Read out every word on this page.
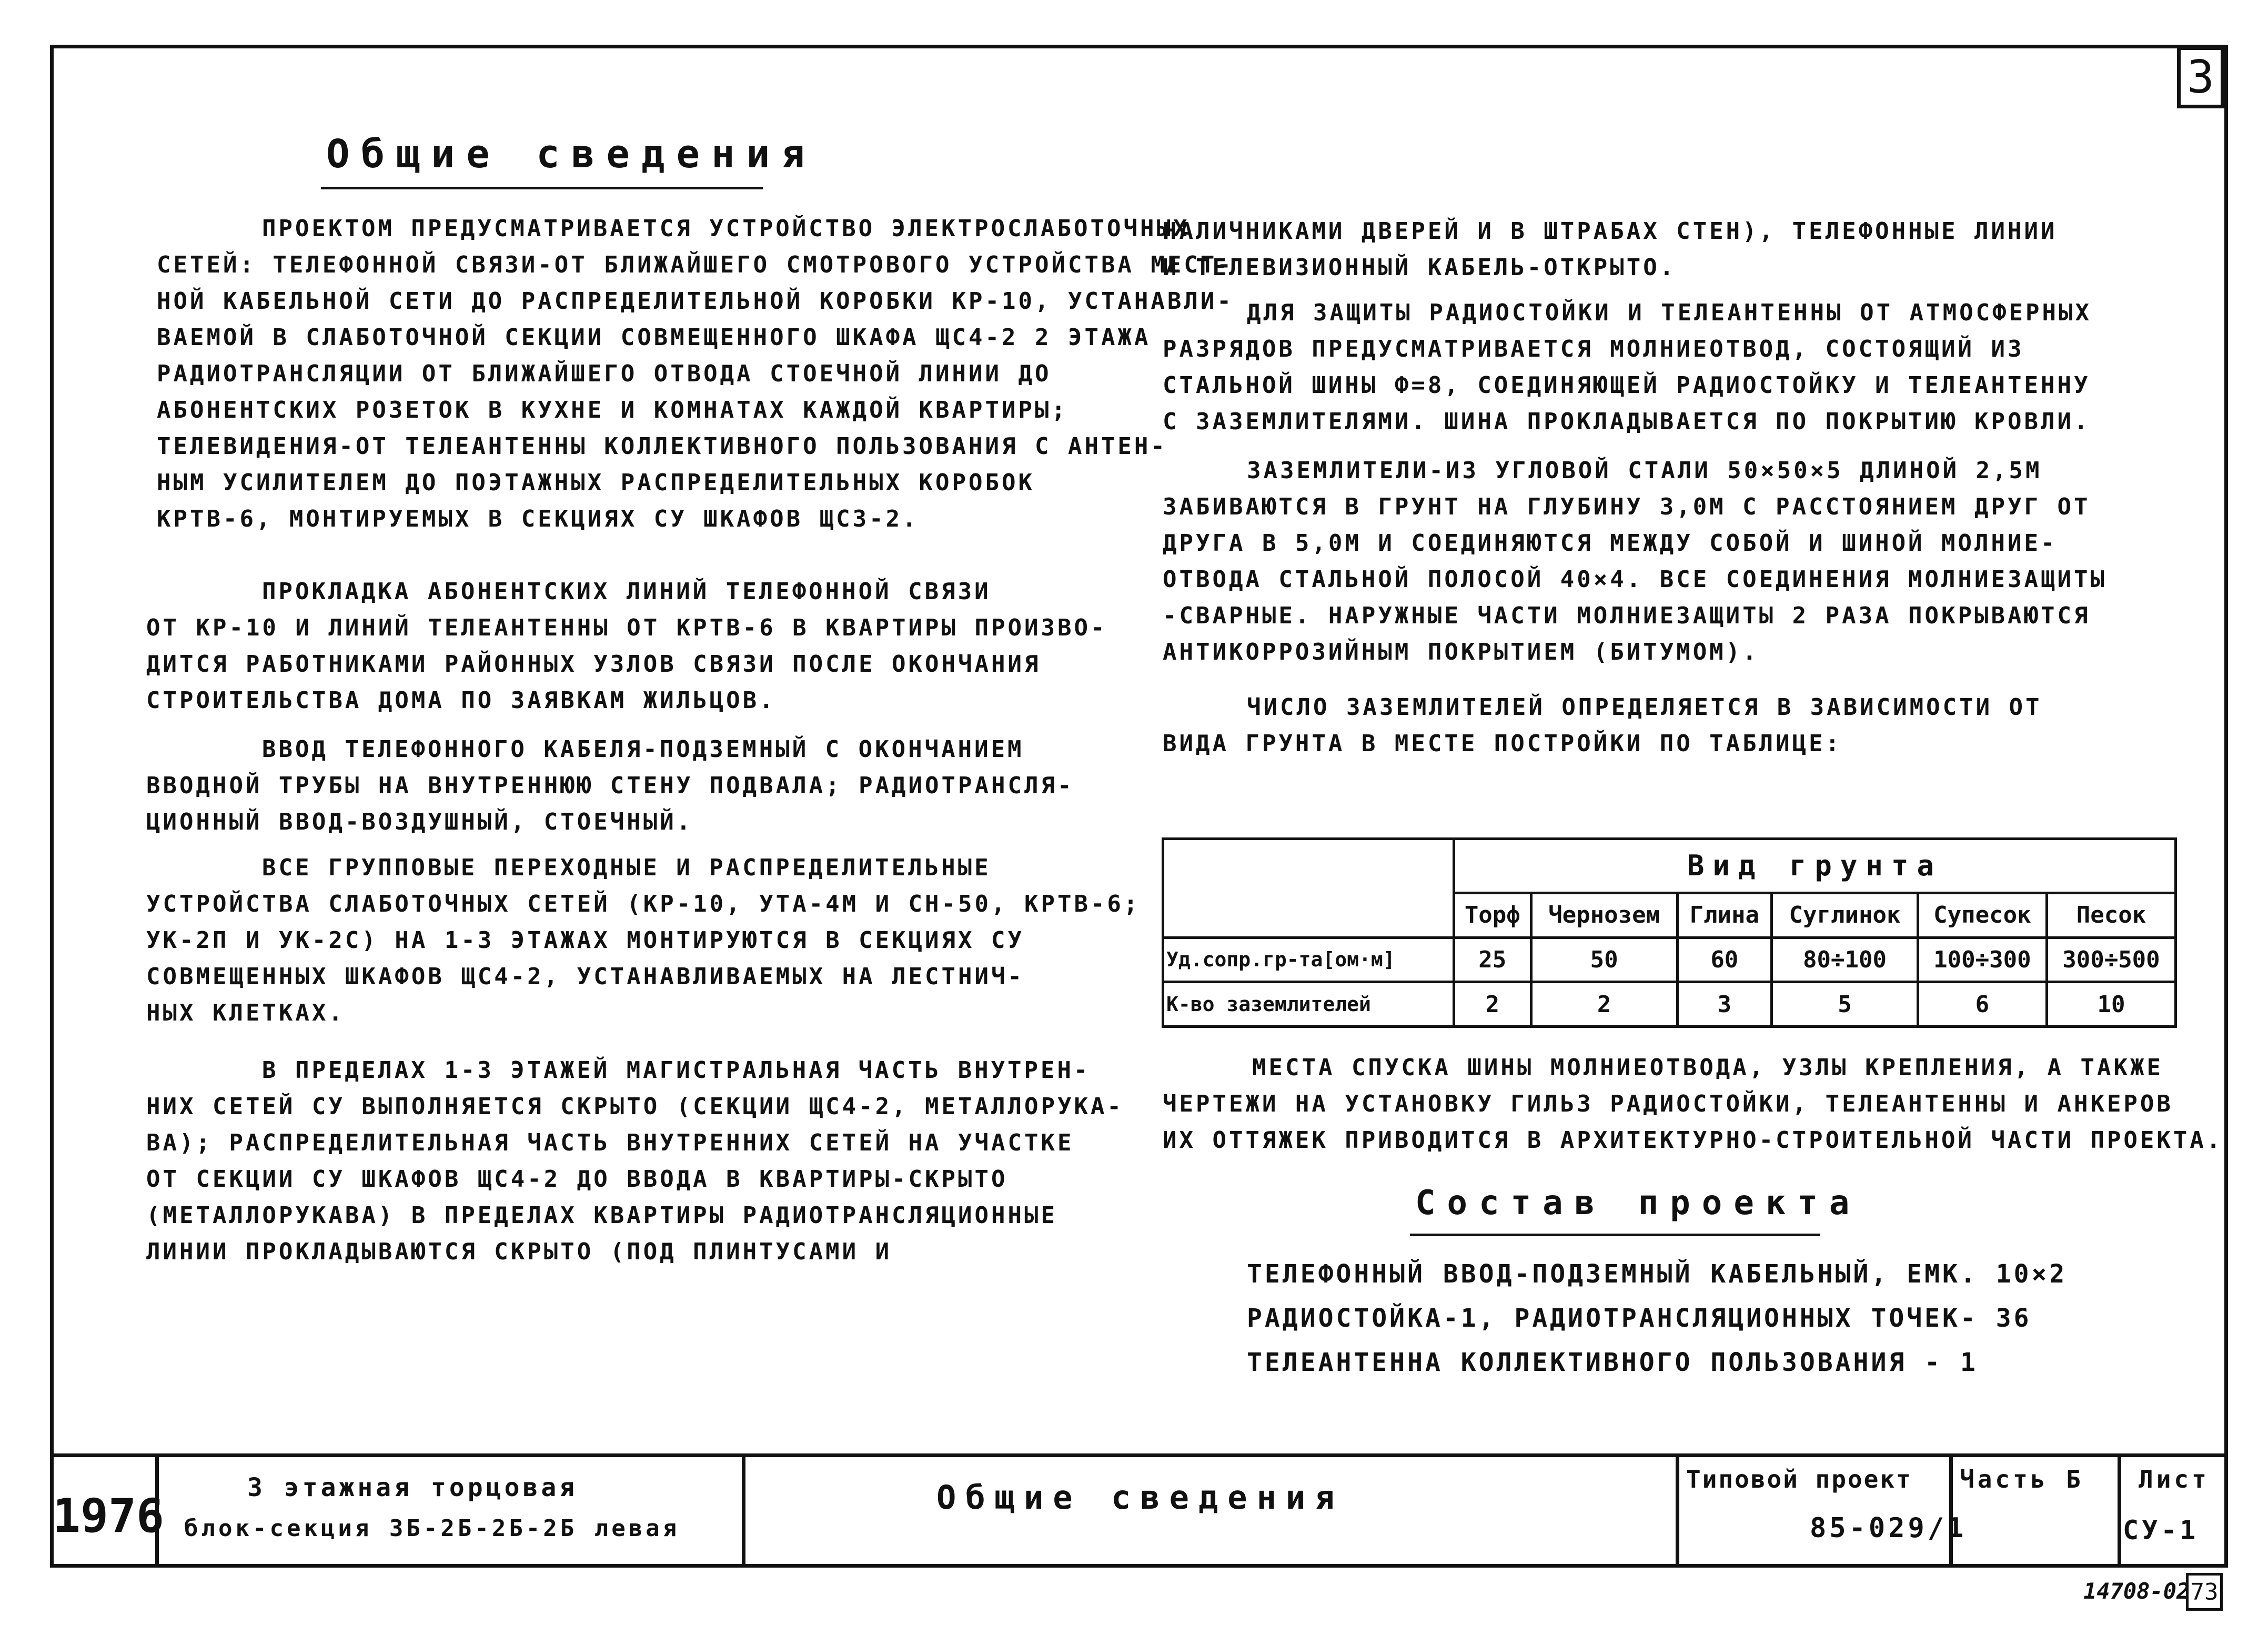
3
Общие сведения
ПРОЕКТОМ ПРЕДУСМАТРИВАЕТСЯ УСТРОЙСТВО ЭЛЕКТРОСЛАБОТОЧНЫХ
СЕТЕЙ: ТЕЛЕФОННОЙ СВЯЗИ-ОТ БЛИЖАЙШЕГО СМОТРОВОГО УСТРОЙСТВА МЕСТ-
НОЙ КАБЕЛЬНОЙ СЕТИ ДО РАСПРЕДЕЛИТЕЛЬНОЙ КОРОБКИ КР-10, УСТАНАВЛИ-
ВАЕМОЙ В СЛАБОТОЧНОЙ СЕКЦИИ СОВМЕЩЕННОГО ШКАФА ЩС4-2 2 ЭТАЖА
РАДИОТРАНСЛЯЦИИ ОТ БЛИЖАЙШЕГО ОТВОДА СТОЕЧНОЙ ЛИНИИ ДО
АБОНЕНТСКИХ РОЗЕТОК В КУХНЕ И КОМНАТАХ КАЖДОЙ КВАРТИРЫ;
ТЕЛЕВИДЕНИЯ-ОТ ТЕЛЕАНТЕННЫ КОЛЛЕКТИВНОГО ПОЛЬЗОВАНИЯ С АНТЕН-
НЫМ УСИЛИТЕЛЕМ ДО ПОЭТАЖНЫХ РАСПРЕДЕЛИТЕЛЬНЫХ КОРОБОК
КРТВ-6, МОНТИРУЕМЫХ В СЕКЦИЯХ СУ ШКАФОВ ЩС3-2.
ПРОКЛАДКА АБОНЕНТСКИХ ЛИНИЙ ТЕЛЕФОННОЙ СВЯЗИ
ОТ КР-10 И ЛИНИЙ ТЕЛЕАНТЕННЫ ОТ КРТВ-6 В КВАРТИРЫ ПРОИЗВО-
ДИТСЯ РАБОТНИКАМИ РАЙОННЫХ УЗЛОВ СВЯЗИ ПОСЛЕ ОКОНЧАНИЯ
СТРОИТЕЛЬСТВА ДОМА ПО ЗАЯВКАМ ЖИЛЬЦОВ.
ВВОД ТЕЛЕФОННОГО КАБЕЛЯ-ПОДЗЕМНЫЙ С ОКОНЧАНИЕМ
ВВОДНОЙ ТРУБЫ НА ВНУТРЕННЮЮ СТЕНУ ПОДВАЛА; РАДИОТРАНСЛЯ-
ЦИОННЫЙ ВВОД-ВОЗДУШНЫЙ, СТОЕЧНЫЙ.
ВСЕ ГРУППОВЫЕ ПЕРЕХОДНЫЕ И РАСПРЕДЕЛИТЕЛЬНЫЕ
УСТРОЙСТВА СЛАБОТОЧНЫХ СЕТЕЙ (КР-10, УТА-4М И СН-50, КРТВ-6;
УК-2П И УК-2С) НА 1-3 ЭТАЖАХ МОНТИРУЮТСЯ В СЕКЦИЯХ СУ
СОВМЕЩЕННЫХ ШКАФОВ ЩС4-2, УСТАНАВЛИВАЕМЫХ НА ЛЕСТНИЧ-
НЫХ КЛЕТКАХ.
В ПРЕДЕЛАХ 1-3 ЭТАЖЕЙ МАГИСТРАЛЬНАЯ ЧАСТЬ ВНУТРЕН-
НИХ СЕТЕЙ СУ ВЫПОЛНЯЕТСЯ СКРЫТО (СЕКЦИИ ЩС4-2, МЕТАЛЛОРУКА-
ВА); РАСПРЕДЕЛИТЕЛЬНАЯ ЧАСТЬ ВНУТРЕННИХ СЕТЕЙ НА УЧАСТКЕ
ОТ СЕКЦИИ СУ ШКАФОВ ЩС4-2 ДО ВВОДА В КВАРТИРЫ-СКРЫТО
(МЕТАЛЛОРУКАВА) В ПРЕДЕЛАХ КВАРТИРЫ РАДИОТРАНСЛЯЦИОННЫЕ
ЛИНИИ ПРОКЛАДЫВАЮТСЯ СКРЫТО (ПОД ПЛИНТУСАМИ И
НАЛИЧНИКАМИ ДВЕРЕЙ И В ШТРАБАХ СТЕН), ТЕЛЕФОННЫЕ ЛИНИИ
И ТЕЛЕВИЗИОННЫЙ КАБЕЛЬ-ОТКРЫТО.
ДЛЯ ЗАЩИТЫ РАДИОСТОЙКИ И ТЕЛЕАНТЕННЫ ОТ АТМОСФЕРНЫХ
РАЗРЯДОВ ПРЕДУСМАТРИВАЕТСЯ МОЛНИЕОТВОД, СОСТОЯЩИЙ ИЗ
СТАЛЬНОЙ ШИНЫ Ф=8, СОЕДИНЯЮЩЕЙ РАДИОСТОЙКУ И ТЕЛЕАНТЕННУ
С ЗАЗЕМЛИТЕЛЯМИ. ШИНА ПРОКЛАДЫВАЕТСЯ ПО ПОКРЫТИЮ КРОВЛИ.
ЗАЗЕМЛИТЕЛИ-ИЗ УГЛОВОЙ СТАЛИ 50×50×5 ДЛИНОЙ 2,5М
ЗАБИВАЮТСЯ В ГРУНТ НА ГЛУБИНУ 3,0М С РАССТОЯНИЕМ ДРУГ ОТ
ДРУГА В 5,0М И СОЕДИНЯЮТСЯ МЕЖДУ СОБОЙ И ШИНОЙ МОЛНИЕ-
ОТВОДА СТАЛЬНОЙ ПОЛОСОЙ 40×4. ВСЕ СОЕДИНЕНИЯ МОЛНИЕЗАЩИТЫ
-СВАРНЫЕ. НАРУЖНЫЕ ЧАСТИ МОЛНИЕЗАЩИТЫ 2 РАЗА ПОКРЫВАЮТСЯ
АНТИКОРРОЗИЙНЫМ ПОКРЫТИЕМ (БИТУМОМ).
ЧИСЛО ЗАЗЕМЛИТЕЛЕЙ ОПРЕДЕЛЯЕТСЯ В ЗАВИСИМОСТИ ОТ
ВИДА ГРУНТА В МЕСТЕ ПОСТРОЙКИ ПО ТАБЛИЦЕ:
	Вид грунта					
	Торф	Чернозем	Глина	Суглинок	Супесок	Песок
Уд.сопр.гр-та[ом·м]	25	50	60	80÷100	100÷300	300÷500
К-во заземлителей	2	2	3	5	6	10
МЕСТА СПУСКА ШИНЫ МОЛНИЕОТВОДА, УЗЛЫ КРЕПЛЕНИЯ, А ТАКЖЕ
ЧЕРТЕЖИ НА УСТАНОВКУ ГИЛЬЗ РАДИОСТОЙКИ, ТЕЛЕАНТЕННЫ И АНКЕРОВ
ИХ ОТТЯЖЕК ПРИВОДИТСЯ В АРХИТЕКТУРНО-СТРОИТЕЛЬНОЙ ЧАСТИ ПРОЕКТА.
Состав проекта
ТЕЛЕФОННЫЙ ВВОД-ПОДЗЕМНЫЙ КАБЕЛЬНЫЙ, ЕМК. 10×2
РАДИОСТОЙКА-1, РАДИОТРАНСЛЯЦИОННЫХ ТОЧЕК- 36
ТЕЛЕАНТЕННА КОЛЛЕКТИВНОГО ПОЛЬЗОВАНИЯ - 1
1976
3 этажная торцовая
блок-секция 3Б-2Б-2Б-2Б левая
Общие сведения	Типовой проект
85-029/1
Часть Б Лист
СУ-1
14708-02 73
